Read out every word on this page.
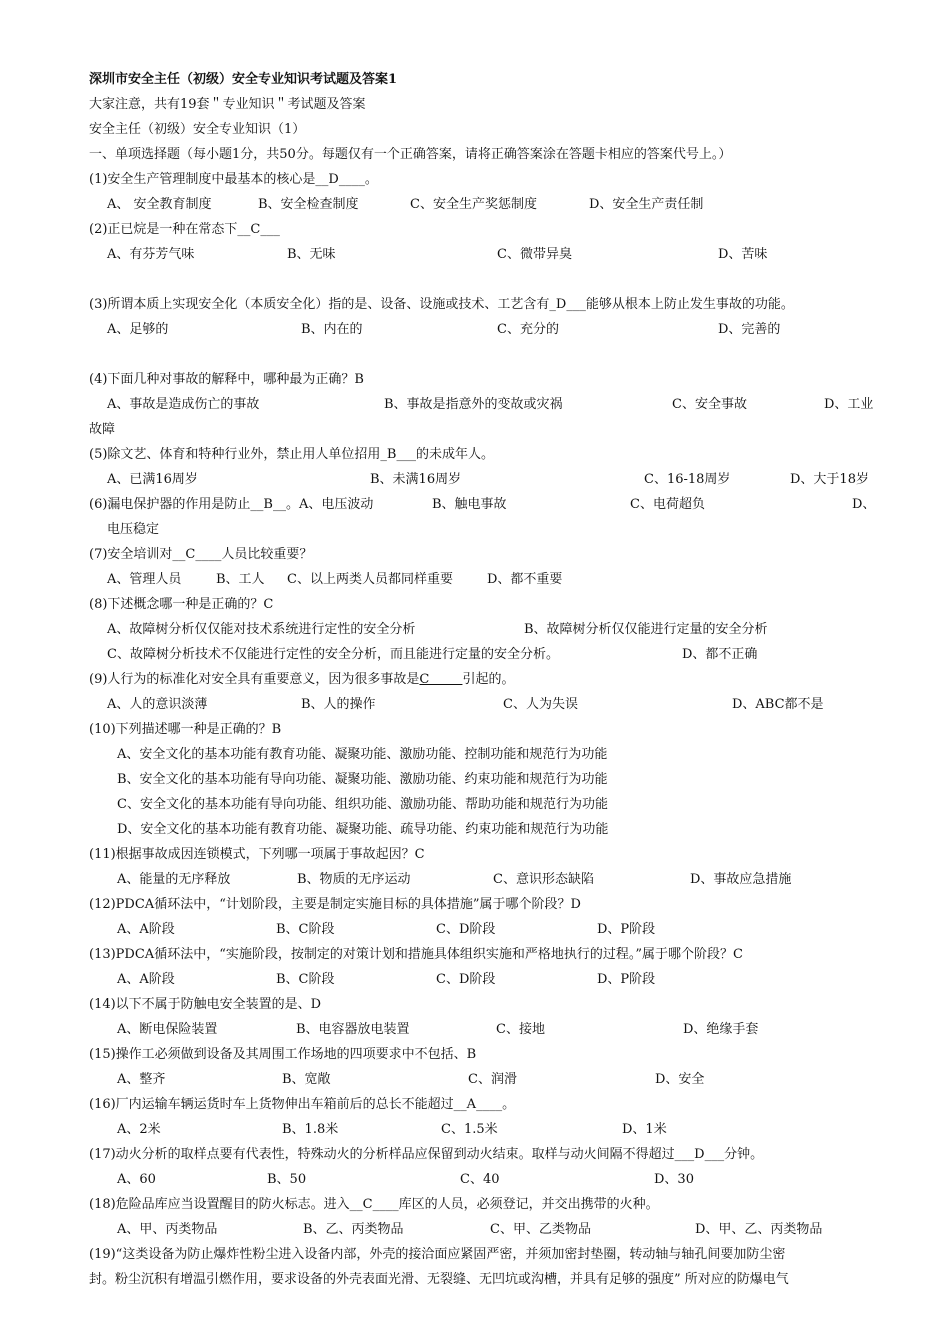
深圳市安全主任（初级）安全专业知识考试题及答案1
大家注意，共有19套＂专业知识＂考试题及答案
安全主任（初级）安全专业知识（1）
一、单项选择题（每小题1分，共50分。每题仅有一个正确答案，请将正确答案涂在答题卡相应的答案代号上。）
(1)安全生产管理制度中最基本的核心是__D____。
A、 安全教育制度	B、安全检查制度	C、安全生产奖惩制度	D、安全生产责任制
(2)正已烷是一种在常态下__C___
A、有芬芳气味	B、无味	C、微带异臭	D、苦味
(3)所谓本质上实现安全化（本质安全化）指的是、设备、设施或技术、工艺含有_D___能够从根本上防止发生事故的功能。
A、足够的	B、内在的	C、充分的	D、完善的
(4)下面几种对事故的解释中，哪种最为正确？B
A、事故是造成伤亡的事故	B、事故是指意外的变故或灾祸	C、安全事故	D、工业
故障
(5)除文艺、体育和特种行业外，禁止用人单位招用_B___的未成年人。
A、已满16周岁	B、未满16周岁	C、16-18周岁	D、大于18岁
(6)漏电保护器的作用是防止__B__。A、电压波动	B、触电事故	C、电荷超负	D、
电压稳定
(7)安全培训对__C____人员比较重要？
A、管理人员	B、工人 C、以上两类人员都同样重要	D、都不重要
(8)下述概念哪一种是正确的？C
A、故障树分析仅仅能对技术系统进行定性的安全分析	B、故障树分析仅仅能进行定量的安全分析
C、故障树分析技术不仅能进行定性的安全分析，而且能进行定量的安全分析。	D、都不正确
(9)人行为的标准化对安全具有重要意义，因为很多事故是C        引起的。
A、人的意识淡薄	B、人的操作	C、人为失误	D、ABC都不是
(10)下列描述哪一种是正确的？B
A、安全文化的基本功能有教育功能、凝聚功能、激励功能、控制功能和规范行为功能
B、安全文化的基本功能有导向功能、凝聚功能、激励功能、约束功能和规范行为功能
C、安全文化的基本功能有导向功能、组织功能、激励功能、帮助功能和规范行为功能
D、安全文化的基本功能有教育功能、凝聚功能、疏导功能、约束功能和规范行为功能
(11)根据事故成因连锁模式，下列哪一项属于事故起因？C
A、能量的无序释放	B、物质的无序运动	C、意识形态缺陷	D、事故应急措施
(12)PDCA循环法中，“计划阶段，主要是制定实施目标的具体措施”属于哪个阶段？D
A、A阶段	B、C阶段	C、D阶段	D、P阶段
(13)PDCA循环法中，“实施阶段，按制定的对策计划和措施具体组织实施和严格地执行的过程。”属于哪个阶段？C
A、A阶段	B、C阶段	C、D阶段	D、P阶段
(14)以下不属于防触电安全装置的是、D
A、断电保险装置	B、电容器放电装置	C、接地	D、绝缘手套
(15)操作工必须做到设备及其周围工作场地的四项要求中不包括、B
A、整齐	B、宽敞	C、润滑	D、安全
(16)厂内运输车辆运货时车上货物伸出车箱前后的总长不能超过__A____。
A、2米	B、1.8米	C、1.5米	D、1米
(17)动火分析的取样点要有代表性，特殊动火的分析样品应保留到动火结束。取样与动火间隔不得超过___D___分钟。
A、60	B、50	C、40	D、30
(18)危险品库应当设置醒目的防火标志。进入__C____库区的人员，必须登记，并交出携带的火种。
A、甲、丙类物品	B、乙、丙类物品	C、甲、乙类物品	D、甲、乙、丙类物品
(19)“这类设备为防止爆炸性粉尘进入设备内部，外壳的接洽面应紧固严密，并须加密封垫圈，转动轴与轴孔间要加防尘密
封。粉尘沉积有增温引燃作用，要求设备的外壳表面光滑、无裂缝、无凹坑或沟槽，并具有足够的强度” 所对应的防爆电气
